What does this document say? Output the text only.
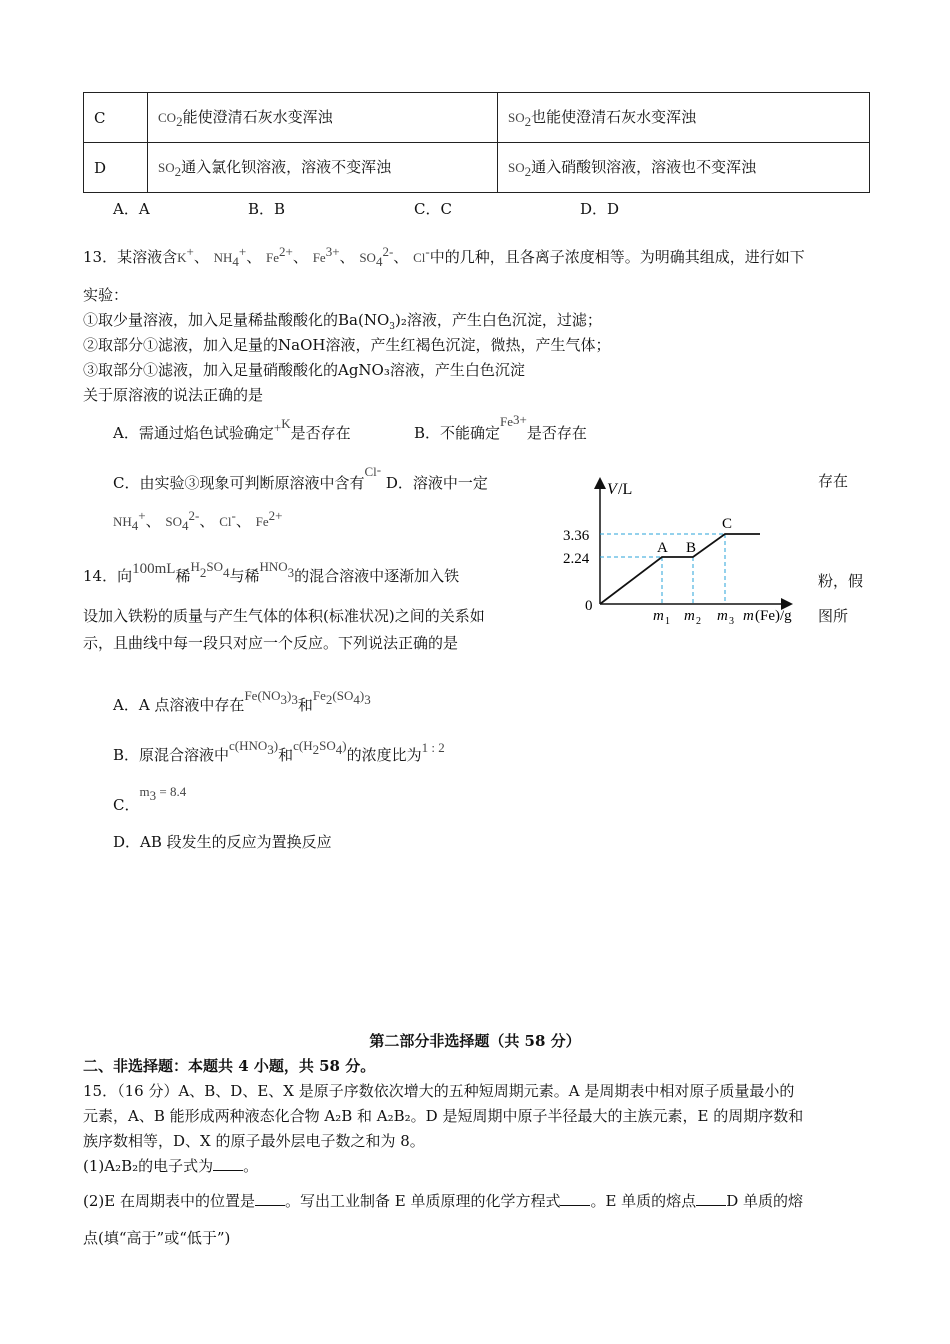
C	$CO_2$能使澄清石灰水变浑浊	$SO_2$也能使澄清石灰水变浑浊
D	$SO_2$通入氯化钡溶液，溶液不变浑浊	$SO_2$通入硝酸钡溶液，溶液也不变浑浊
A．A	B．B	C．C	D．D
13．某溶液含K+、 $NH_4^+$、 $Fe^{2+}$、 $Fe^{3+}$、 $SO_4^{2-}$、 Cl-中的几种，且各离子浓度相等。为明确其组成，进行如下
实验：
①取少量溶液，加入足量稀盐酸酸化的$Ba(NO_3)_2$溶液，产生白色沉淀，过滤；
②取部分①滤液，加入足量的NaOH溶液，产生红褐色沉淀，微热，产生气体；
③取部分①滤液，加入足量硝酸酸化的AgNO₃溶液，产生白色沉淀
关于原溶液的说法正确的是
A．需通过焰色试验确定+K是否存在	B．不能确定$Fe^{3+}$是否存在
C．由实验③现象可判断原溶液中含有Cl- D．溶液中一定	存在
$NH_4^+$、 $SO_4^{2-}$、 Cl-、 $Fe^{2+}$
14．向100mL稀$H_2SO_4$与稀$HNO_3$的混合溶液中逐渐加入铁	粉，假
设加入铁粉的质量与产生气体的体积(标准状况)之间的关系如	图所
示，且曲线中每一段只对应一个反应。下列说法正确的是
A．A 点溶液中存在$Fe(NO_3)_3$和$Fe_2(SO_4)_3$
B．原混合溶液中$c(HNO_3)$和$c(H_2SO_4)$的浓度比为1 : 2
C．$m_3 = 8.4$
D．AB 段发生的反应为置换反应
V /L
0
3.36
2.24
A B
C
m 1 m 2 m 3 m (Fe)/g
第二部分非选择题（共 58 分）
二、非选择题：本题共 4 小题，共 58 分。
15．（16 分）A、B、D、E、X 是原子序数依次增大的五种短周期元素。A 是周期表中相对原子质量最小的
元素，A、B 能形成两种液态化合物 A₂B 和 A₂B₂。D 是短周期中原子半径最大的主族元素，E 的周期序数和
族序数相等，D、X 的原子最外层电子数之和为 8。
(1)A₂B₂的电子式为 。
(2)E 在周期表中的位置是 。写出工业制备 E 单质原理的化学方程式 。E 单质的熔点 D 单质的熔
点(填“高于”或“低于”)
